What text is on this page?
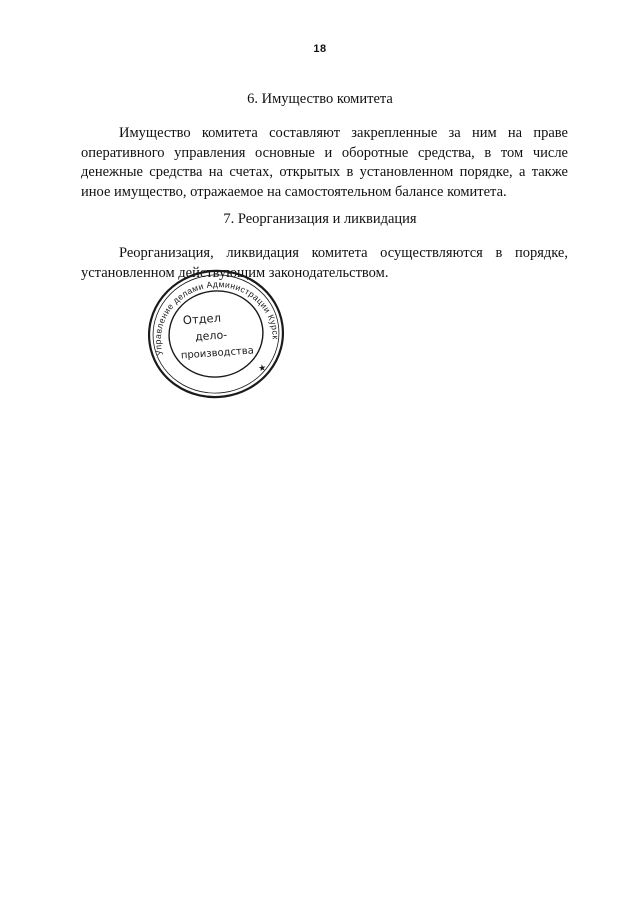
18
6. Имущество комитета
Имущество комитета составляют закрепленные за ним на праве оперативного управления основные и оборотные средства, в том числе денежные средства на счетах, открытых в установленном порядке, а также иное имущество, отражаемое на самостоятельном балансе комитета.
7. Реорганизация и ликвидация
Реорганизация, ликвидация комитета осуществляются в порядке, установленном действующим законодательством.
Управление делами Администрации Курской
★
Отдел
дело-
производства
